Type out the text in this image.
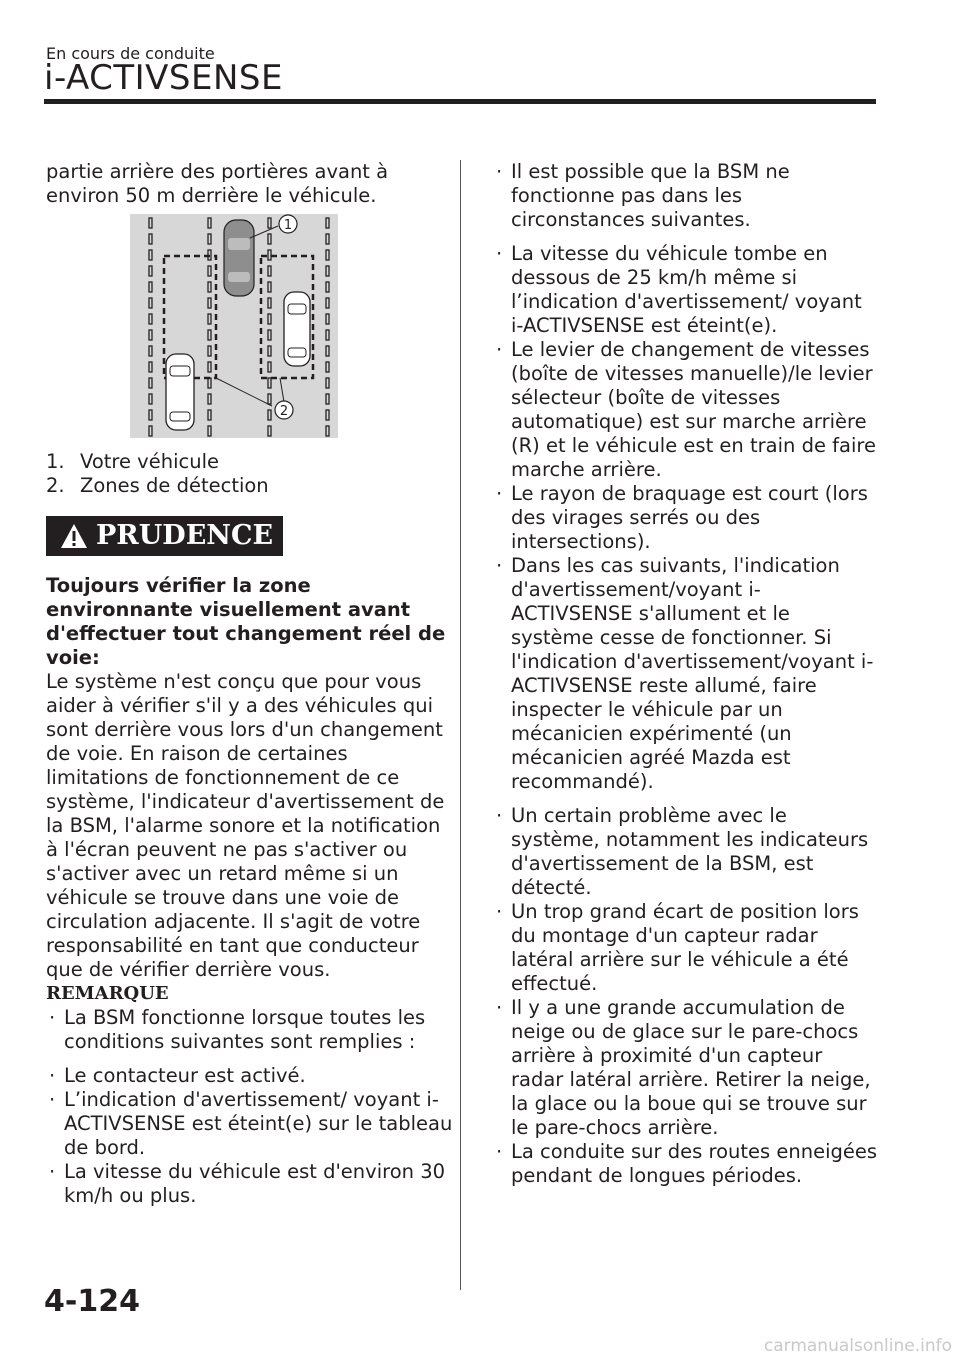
En cours de conduite
i-ACTIVSENSE

partie arrière des portières avant à environ 50 m derrière le véhicule.

1
2
1. Votre véhicule
2. Zones de détection
PRUDENCE

Toujours vérifier la zone environnante visuellement avant d'effectuer tout changement réel de voie:

Le système n'est conçu que pour vous aider à vérifier s'il y a des véhicules qui sont derrière vous lors d'un changement de voie. En raison de certaines limitations de fonctionnement de ce système, l'indicateur d'avertissement de la BSM, l'alarme sonore et la notification à l'écran peuvent ne pas s'activer ou s'activer avec un retard même si un véhicule se trouve dans une voie de circulation adjacente. Il s'agit de votre responsabilité en tant que conducteur que de vérifier derrière vous.

REMARQUE

· La BSM fonctionne lorsque toutes les conditions suivantes sont remplies :

· Le contacteur est activé.

· L’indication d'avertissement/ voyant i-ACTIVSENSE est éteint(e) sur le tableau de bord.

· La vitesse du véhicule est d'environ 30 km/h ou plus.

· Il est possible que la BSM ne fonctionne pas dans les circonstances suivantes.

· La vitesse du véhicule tombe en dessous de 25 km/h même si l’indication d'avertissement/ voyant i-ACTIVSENSE est éteint(e).

· Le levier de changement de vitesses (boîte de vitesses manuelle)/le levier sélecteur (boîte de vitesses automatique) est sur marche arrière (R) et le véhicule est en train de faire marche arrière.

· Le rayon de braquage est court (lors des virages serrés ou des intersections).

· Dans les cas suivants, l'indication d'avertissement/voyant i-ACTIVSENSE s'allument et le système cesse de fonctionner. Si l'indication d'avertissement/voyant i-ACTIVSENSE reste allumé, faire inspecter le véhicule par un mécanicien expérimenté (un mécanicien agréé Mazda est recommandé).

· Un certain problème avec le système, notamment les indicateurs d'avertissement de la BSM, est détecté.

· Un trop grand écart de position lors du montage d'un capteur radar latéral arrière sur le véhicule a été effectué.

· Il y a une grande accumulation de neige ou de glace sur le pare-chocs arrière à proximité d'un capteur radar latéral arrière. Retirer la neige, la glace ou la boue qui se trouve sur le pare-chocs arrière.

· La conduite sur des routes enneigées pendant de longues périodes.

4-124
carmanualsonline.info
